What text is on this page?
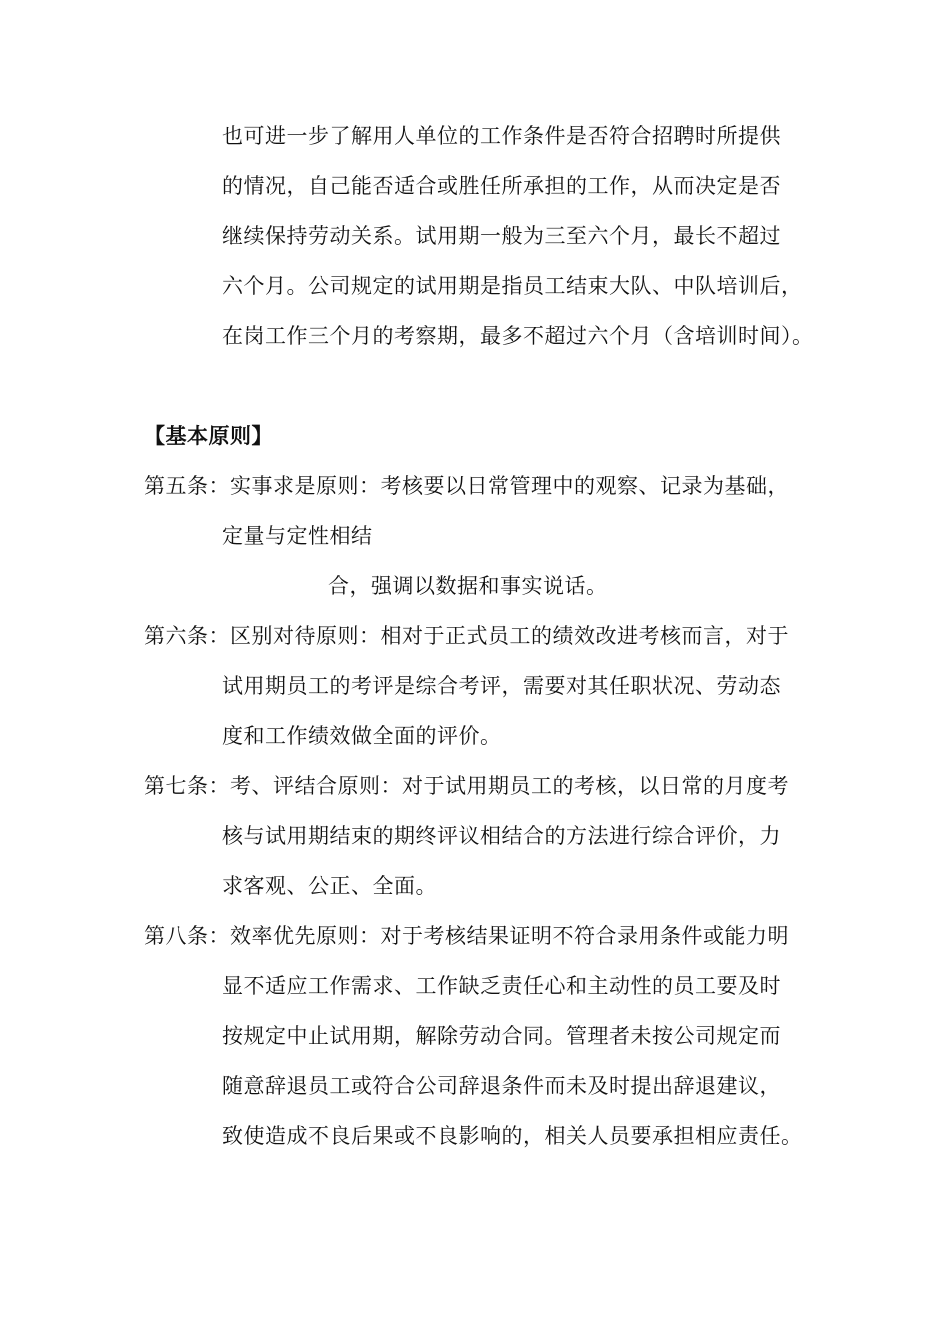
也可进一步了解用人单位的工作条件是否符合招聘时所提供
的情况，自己能否适合或胜任所承担的工作，从而决定是否
继续保持劳动关系。试用期一般为三至六个月，最长不超过
六个月。公司规定的试用期是指员工结束大队、中队培训后，
在岗工作三个月的考察期，最多不超过六个月（含培训时间）。
【基本原则】
第五条：实事求是原则：考核要以日常管理中的观察、记录为基础，
定量与定性相结
合，强调以数据和事实说话。
第六条：区别对待原则：相对于正式员工的绩效改进考核而言，对于
试用期员工的考评是综合考评，需要对其任职状况、劳动态
度和工作绩效做全面的评价。
第七条：考、评结合原则：对于试用期员工的考核，以日常的月度考
核与试用期结束的期终评议相结合的方法进行综合评价，力
求客观、公正、全面。
第八条：效率优先原则：对于考核结果证明不符合录用条件或能力明
显不适应工作需求、工作缺乏责任心和主动性的员工要及时
按规定中止试用期，解除劳动合同。管理者未按公司规定而
随意辞退员工或符合公司辞退条件而未及时提出辞退建议，
致使造成不良后果或不良影响的，相关人员要承担相应责任。
